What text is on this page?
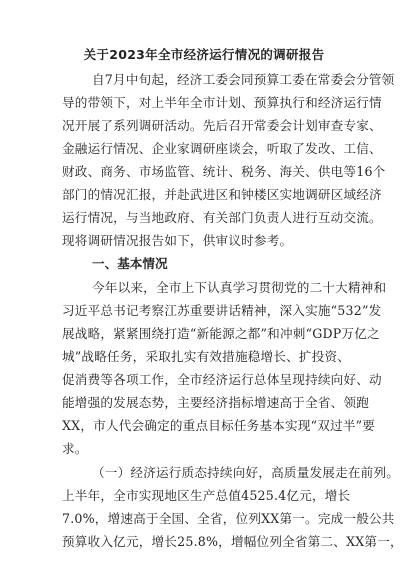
关于2023年全市经济运行情况的调研报告
自7月中旬起，经济工委会同预算工委在常委会分管领
导的带领下，对上半年全市计划、预算执行和经济运行情
况开展了系列调研活动。先后召开常委会计划审查专家、
金融运行情况、企业家调研座谈会，听取了发改、工信、
财政、商务、市场监管、统计、税务、海关、供电等16个
部门的情况汇报，并赴武进区和钟楼区实地调研区域经济
运行情况，与当地政府、有关部门负责人进行互动交流。
现将调研情况报告如下，供审议时参考。
一、基本情况
今年以来，全市上下认真学习贯彻党的二十大精神和
习近平总书记考察江苏重要讲话精神，深入实施“532”发
展战略，紧紧围绕打造“新能源之都”和冲刺“GDP万亿之
城”战略任务，采取扎实有效措施稳增长、扩投资、
促消费等各项工作，全市经济运行总体呈现持续向好、动
能增强的发展态势，主要经济指标增速高于全省、领跑
XX，市人代会确定的重点目标任务基本实现“双过半”要
求。
（一）经济运行质态持续向好，高质量发展走在前列。
上半年，全市实现地区生产总值4525.4亿元，增长
7.0%，增速高于全国、全省，位列XX第一。完成一般公共
预算收入亿元，增长25.8%，增幅位列全省第二、XX第一，
